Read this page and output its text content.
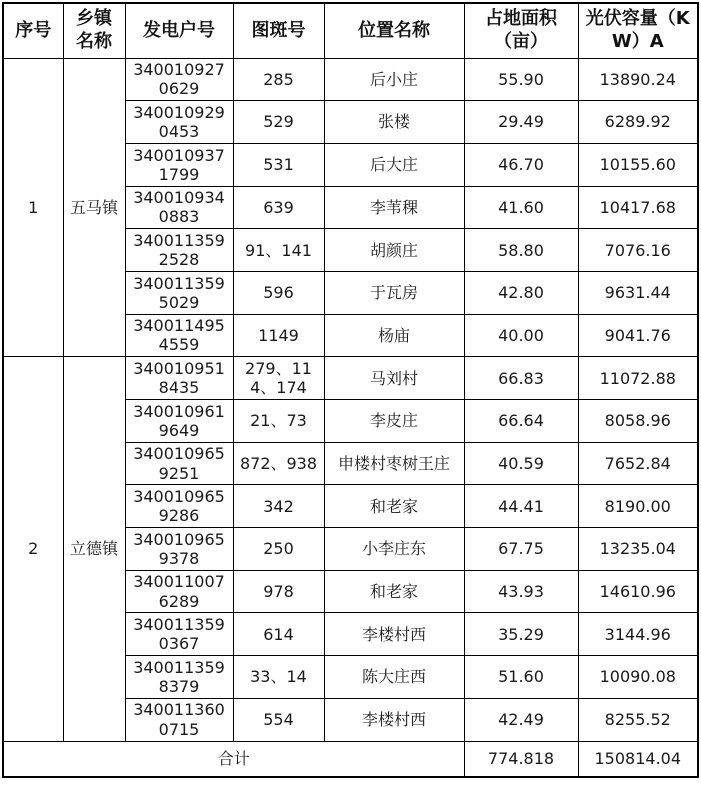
序号	乡镇名称	发电户号	图斑号	位置名称	占地面积（亩）	光伏容量（KW）A
1	五马镇	3400109270629	285	后小庄	55.90	13890.24
		3400109290453	529	张楼	29.49	6289.92
		3400109371799	531	后大庄	46.70	10155.60
		3400109340883	639	李苇稞	41.60	10417.68
		3400113592528	91、141	胡颜庄	58.80	7076.16
		3400113595029	596	于瓦房	42.80	9631.44
		3400114954559	1149	杨庙	40.00	9041.76
2	立德镇	3400109518435	279、114、174	马刘村	66.83	11072.88
		3400109619649	21、73	李皮庄	66.64	8058.96
		3400109659251	872、938	申楼村枣树王庄	40.59	7652.84
		3400109659286	342	和老家	44.41	8190.00
		3400109659378	250	小李庄东	67.75	13235.04
		3400110076289	978	和老家	43.93	14610.96
		3400113590367	614	李楼村西	35.29	3144.96
		3400113598379	33、14	陈大庄西	51.60	10090.08
		3400113600715	554	李楼村西	42.49	8255.52
合计					774.818	150814.04
